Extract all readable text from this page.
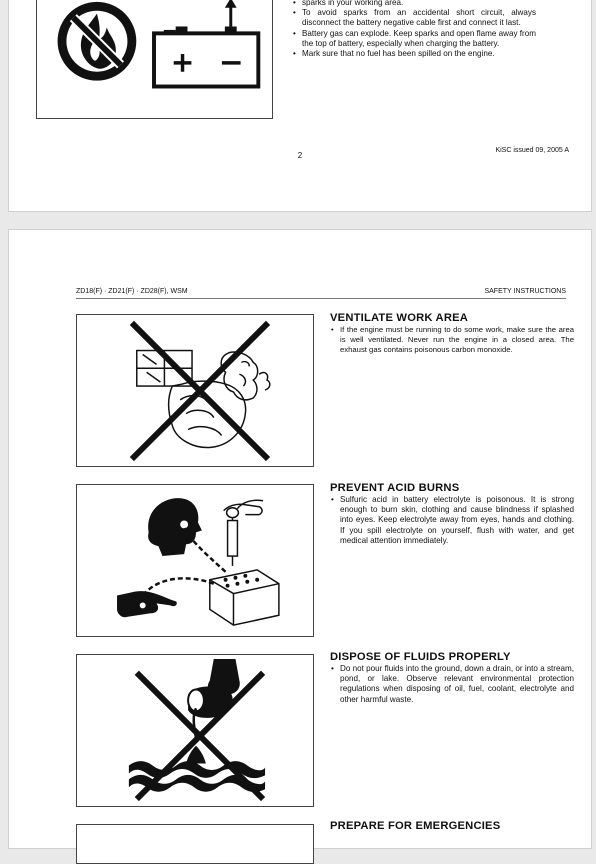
• sparks in your working area.
• To avoid sparks from an accidental short circuit, always disconnect the battery negative cable first and connect it last.
• Battery gas can explode. Keep sparks and open flame away from the top of battery, especially when charging the battery.
• Mark sure that no fuel has been spilled on the engine.
KiSC issued 09, 2005 A
2
ZD18(F) · ZD21(F) · ZD28(F), WSM	SAFETY INSTRUCTIONS
VENTILATE WORK AREA
• If the engine must be running to do some work, make sure the area is well ventilated. Never run the engine in a closed area. The exhaust gas contains poisonous carbon monoxide.
PREVENT ACID BURNS
• Sulfuric acid in battery electrolyte is poisonous. It is strong enough to burn skin, clothing and cause blindness if splashed into eyes. Keep electrolyte away from eyes, hands and clothing. If you spill electrolyte on yourself, flush with water, and get medical attention immediately.
DISPOSE OF FLUIDS PROPERLY
• Do not pour fluids into the ground, down a drain, or into a stream, pond, or lake. Observe relevant environmental protection regulations when disposing of oil, fuel, coolant, electrolyte and other harmful waste.
PREPARE FOR EMERGENCIES
